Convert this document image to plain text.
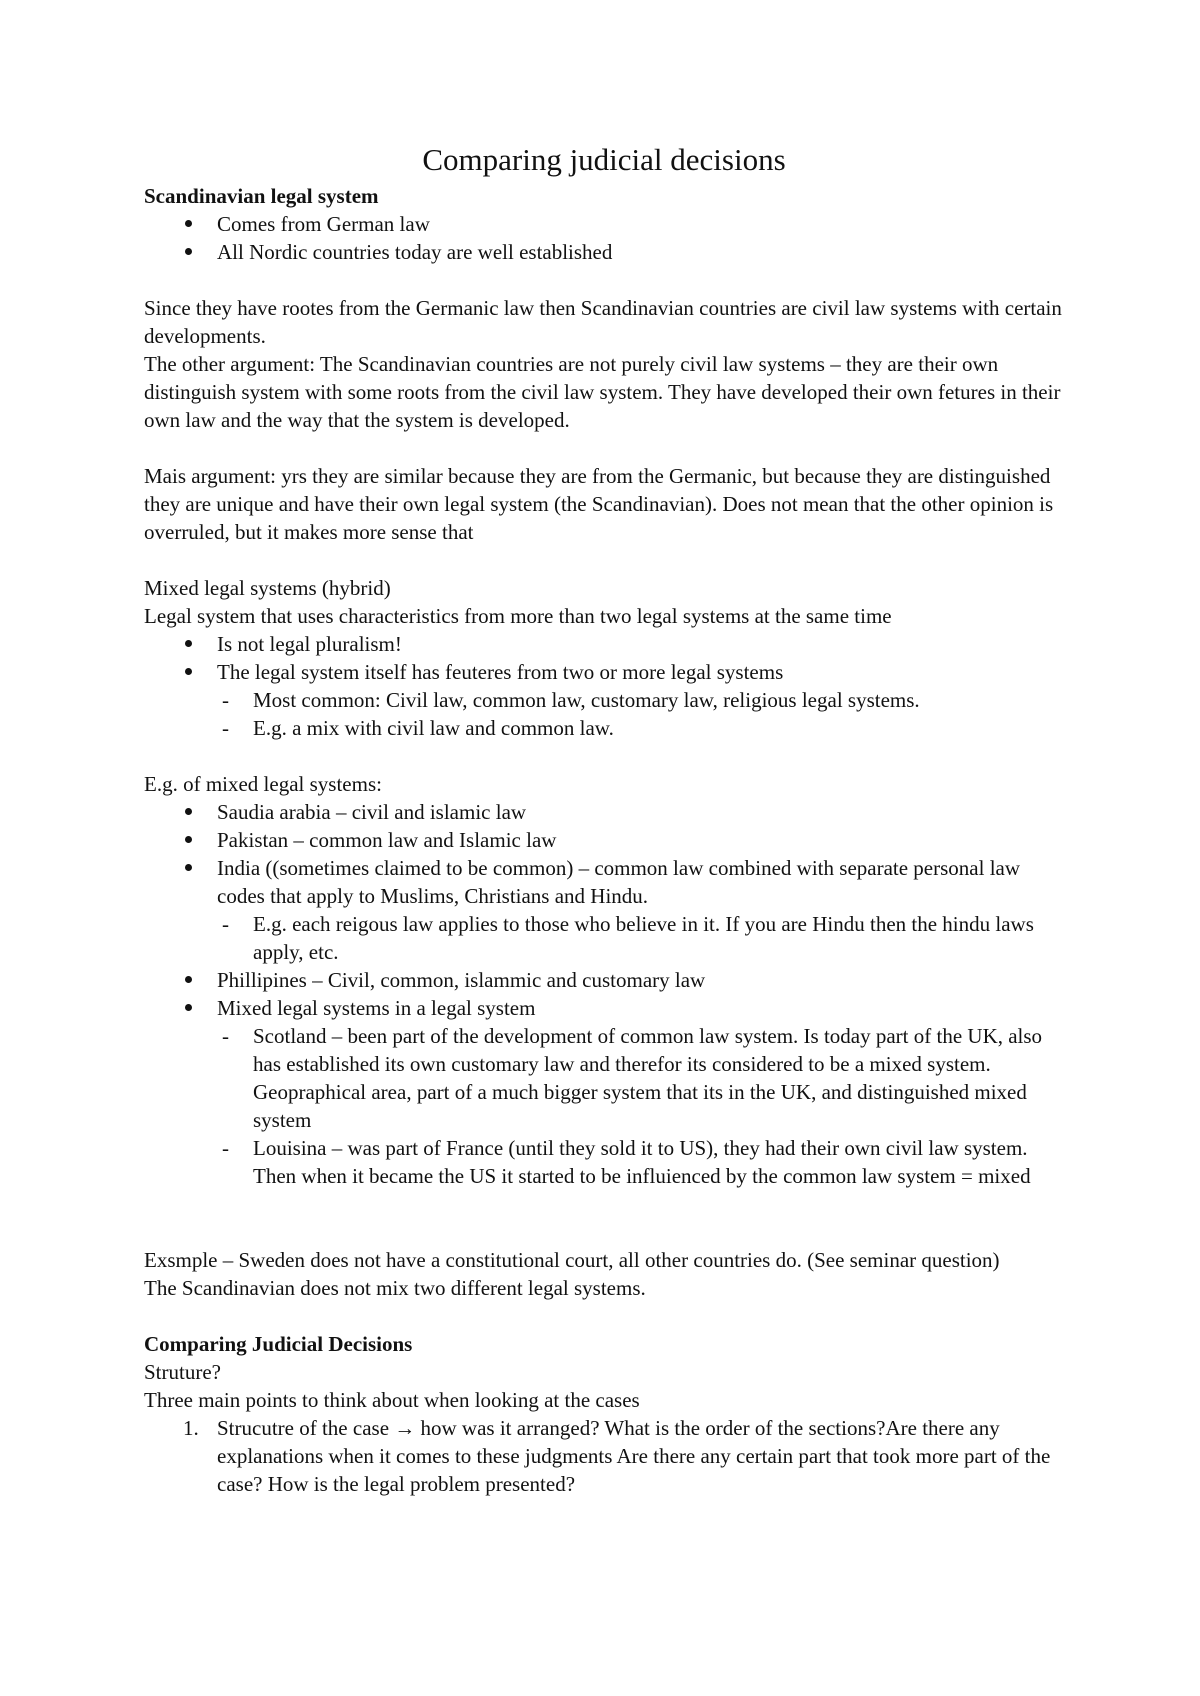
Comparing judicial decisions

Scandinavian legal system

Comes from German law
All Nordic countries today are well established

Since they have rootes from the Germanic law then Scandinavian countries are civil law systems with certain developments.

The other argument: The Scandinavian countries are not purely civil law systems – they are their own distinguish system with some roots from the civil law system. They have developed their own fetures in their own law and the way that the system is developed.

Mais argument: yrs they are similar because they are from the Germanic, but because they are distinguished they are unique and have their own legal system (the Scandinavian). Does not mean that the other opinion is overruled, but it makes more sense that

Mixed legal systems (hybrid)

Legal system that uses characteristics from more than two legal systems at the same time

Is not legal pluralism!
The legal system itself has feuteres from two or more legal systems
- Most common: Civil law, common law, customary law, religious legal systems.
- E.g. a mix with civil law and common law.

E.g. of mixed legal systems:

Saudia arabia – civil and islamic law
Pakistan – common law and Islamic law
India ((sometimes claimed to be common) – common law combined with separate personal law codes that apply to Muslims, Christians and Hindu.
- E.g. each reigous law applies to those who believe in it. If you are Hindu then the hindu laws apply, etc.
Phillipines – Civil, common, islammic and customary law
Mixed legal systems in a legal system
- Scotland – been part of the development of common law system. Is today part of the UK, also has established its own customary law and therefor its considered to be a mixed system. Geopraphical area, part of a much bigger system that its in the UK, and distinguished mixed system
- Louisina – was part of France (until they sold it to US), they had their own civil law system. Then when it became the US it started to be influienced by the common law system = mixed

Exsmple – Sweden does not have a constitutional court, all other countries do. (See seminar question)

The Scandinavian does not mix two different legal systems.

Comparing Judicial Decisions

Struture?

Three main points to think about when looking at the cases

1. Strucutre of the case → how was it arranged? What is the order of the sections?Are there any explanations when it comes to these judgments Are there any certain part that took more part of the case? How is the legal problem presented?
